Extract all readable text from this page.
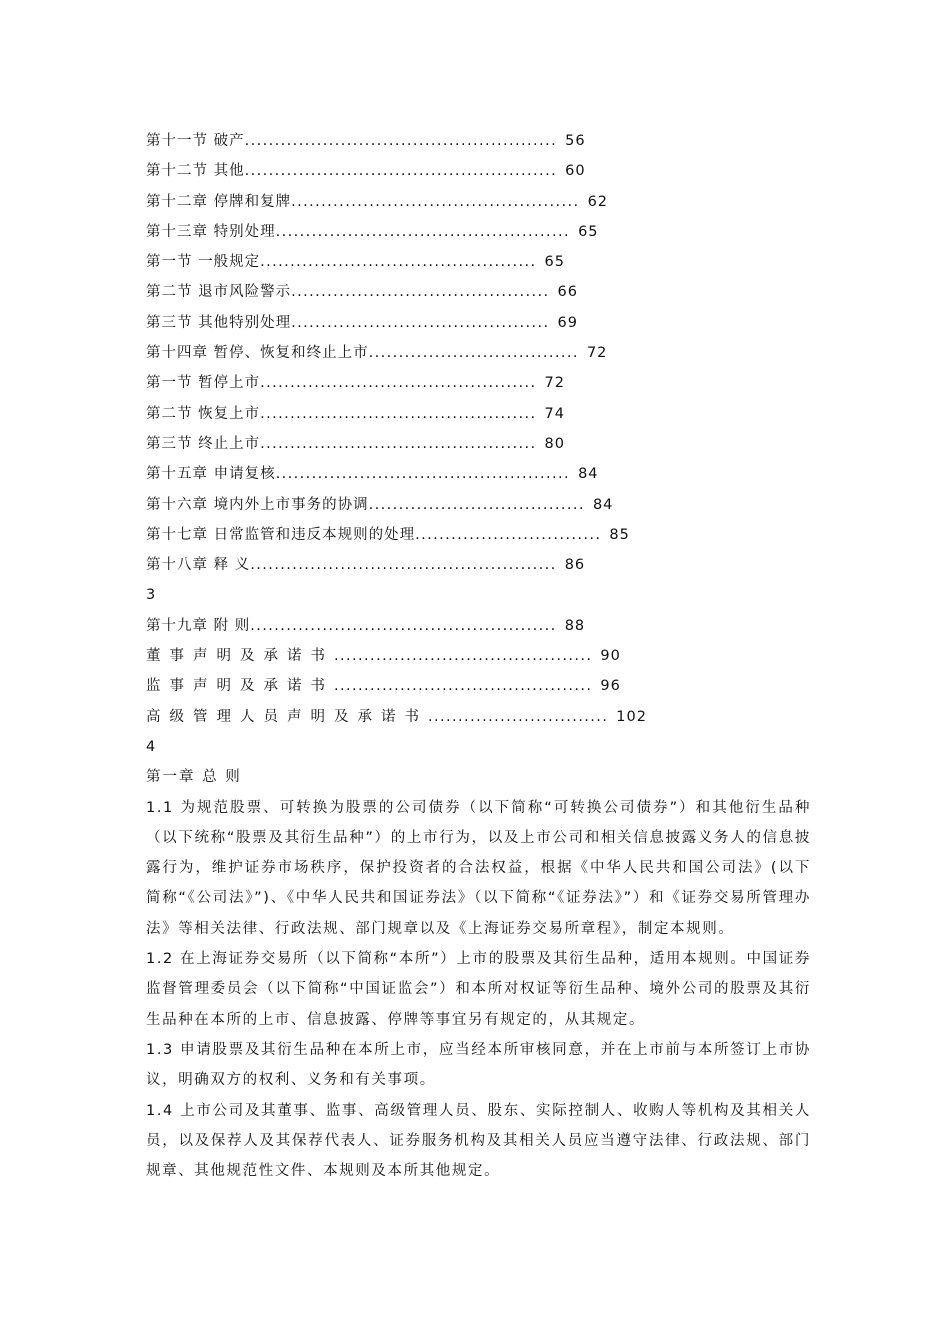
第十一节 破产.................................................... 56
第十二节 其他.................................................... 60
第十二章 停牌和复牌................................................ 62
第十三章 特别处理................................................. 65
第一节 一般规定.............................................. 65
第二节 退市风险警示........................................... 66
第三节 其他特别处理........................................... 69
第十四章 暂停、恢复和终止上市................................... 72
第一节 暂停上市.............................................. 72
第二节 恢复上市.............................................. 74
第三节 终止上市.............................................. 80
第十五章 申请复核................................................. 84
第十六章 境内外上市事务的协调.................................... 84
第十七章 日常监管和违反本规则的处理............................... 85
第十八章 释 义................................................... 86
3
第十九章 附 则................................................... 88
董事声明及承诺书........................................... 90
监事声明及承诺书........................................... 96
高级管理人员声明及承诺书.............................. 102
4
第一章 总 则

1.1 为规范股票、可转换为股票的公司债券（以下简称“可转换公司债券”）和其他衍生品种（以下统称“股票及其衍生品种”）的上市行为，以及上市公司和相关信息披露义务人的信息披露行为，维护证券市场秩序，保护投资者的合法权益，根据《中华人民共和国公司法》(以下简称“《公司法》”)、《中华人民共和国证券法》（以下简称“《证券法》”）和《证券交易所管理办法》等相关法律、行政法规、部门规章以及《上海证券交易所章程》，制定本规则。

1.2 在上海证券交易所（以下简称“本所”）上市的股票及其衍生品种，适用本规则。中国证券监督管理委员会（以下简称“中国证监会”）和本所对权证等衍生品种、境外公司的股票及其衍生品种在本所的上市、信息披露、停牌等事宜另有规定的，从其规定。

1.3 申请股票及其衍生品种在本所上市，应当经本所审核同意，并在上市前与本所签订上市协议，明确双方的权利、义务和有关事项。

1.4 上市公司及其董事、监事、高级管理人员、股东、实际控制人、收购人等机构及其相关人员，以及保荐人及其保荐代表人、证券服务机构及其相关人员应当遵守法律、行政法规、部门规章、其他规范性文件、本规则及本所其他规定。
